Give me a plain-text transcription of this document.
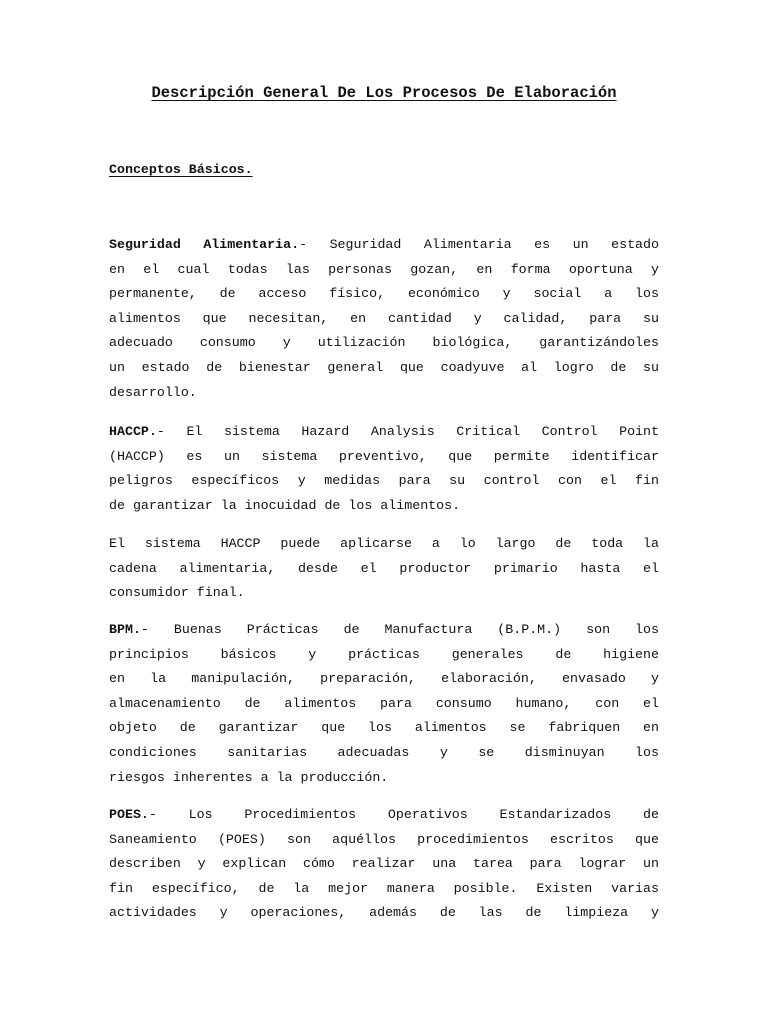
Descripción General De Los Procesos De Elaboración
Conceptos Básicos.

Seguridad Alimentaria.- Seguridad Alimentaria es un estado
en el cual todas las personas gozan, en forma oportuna y
permanente, de acceso físico, económico y social a los
alimentos que necesitan, en cantidad y calidad, para su
adecuado consumo y utilización biológica, garantizándoles
un estado de bienestar general que coadyuve al logro de su
desarrollo.

HACCP.- El sistema Hazard Analysis Critical Control Point
(HACCP) es un sistema preventivo, que permite identificar
peligros específicos y medidas para su control con el fin
de garantizar la inocuidad de los alimentos.

El sistema HACCP puede aplicarse a lo largo de toda la
cadena alimentaria, desde el productor primario hasta el
consumidor final.

BPM.- Buenas Prácticas de Manufactura (B.P.M.) son los
principios básicos y prácticas generales de higiene
en la manipulación, preparación, elaboración, envasado y
almacenamiento de alimentos para consumo humano, con el
objeto de garantizar que los alimentos se fabriquen en
condiciones sanitarias adecuadas y se disminuyan los
riesgos inherentes a la producción.

POES.- Los Procedimientos Operativos Estandarizados de
Saneamiento (POES) son aquéllos procedimientos escritos que
describen y explican cómo realizar una tarea para lograr un
fin específico, de la mejor manera posible. Existen varias
actividades y operaciones, además de las de limpieza y
